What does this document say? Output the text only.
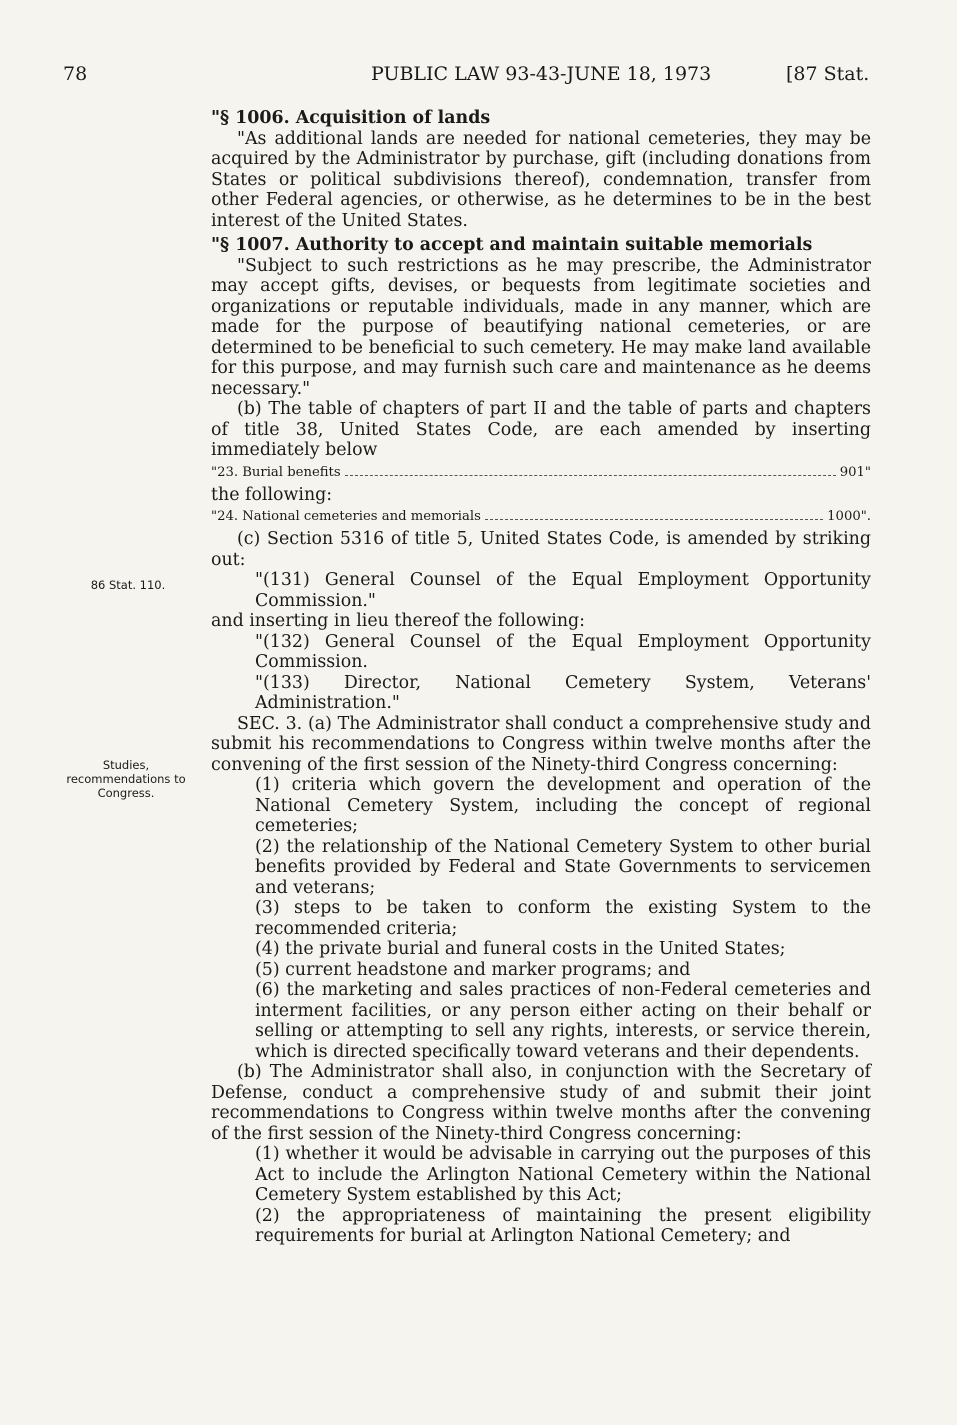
78	PUBLIC LAW 93-43-JUNE 18, 1973	[87 Stat.
86 Stat. 110.
Studies, recommendations to Congress.

"§ 1006. Acquisition of lands

"As additional lands are needed for national cemeteries, they may be acquired by the Administrator by purchase, gift (including donations from States or political subdivisions thereof), condemnation, transfer from other Federal agencies, or otherwise, as he determines to be in the best interest of the United States.

"§ 1007. Authority to accept and maintain suitable memorials

"Subject to such restrictions as he may prescribe, the Administrator may accept gifts, devises, or bequests from legitimate societies and organizations or reputable individuals, made in any manner, which are made for the purpose of beautifying national cemeteries, or are determined to be beneficial to such cemetery. He may make land available for this purpose, and may furnish such care and maintenance as he deems necessary."

(b) The table of chapters of part II and the table of parts and chapters of title 38, United States Code, are each amended by inserting immediately below

"23. Burial benefits	901"

the following:

"24. National cemeteries and memorials	1000".

(c) Section 5316 of title 5, United States Code, is amended by striking out:

"(131) General Counsel of the Equal Employment Opportunity Commission."

and inserting in lieu thereof the following:

"(132) General Counsel of the Equal Employment Opportunity Commission.

"(133) Director, National Cemetery System, Veterans' Administration."

SEC. 3. (a) The Administrator shall conduct a comprehensive study and submit his recommendations to Congress within twelve months after the convening of the first session of the Ninety-third Congress concerning:

(1) criteria which govern the development and operation of the National Cemetery System, including the concept of regional cemeteries;

(2) the relationship of the National Cemetery System to other burial benefits provided by Federal and State Governments to servicemen and veterans;

(3) steps to be taken to conform the existing System to the recommended criteria;

(4) the private burial and funeral costs in the United States;

(5) current headstone and marker programs; and

(6) the marketing and sales practices of non-Federal cemeteries and interment facilities, or any person either acting on their behalf or selling or attempting to sell any rights, interests, or service therein, which is directed specifically toward veterans and their dependents.

(b) The Administrator shall also, in conjunction with the Secretary of Defense, conduct a comprehensive study of and submit their joint recommendations to Congress within twelve months after the convening of the first session of the Ninety-third Congress concerning:

(1) whether it would be advisable in carrying out the purposes of this Act to include the Arlington National Cemetery within the National Cemetery System established by this Act;

(2) the appropriateness of maintaining the present eligibility requirements for burial at Arlington National Cemetery; and
